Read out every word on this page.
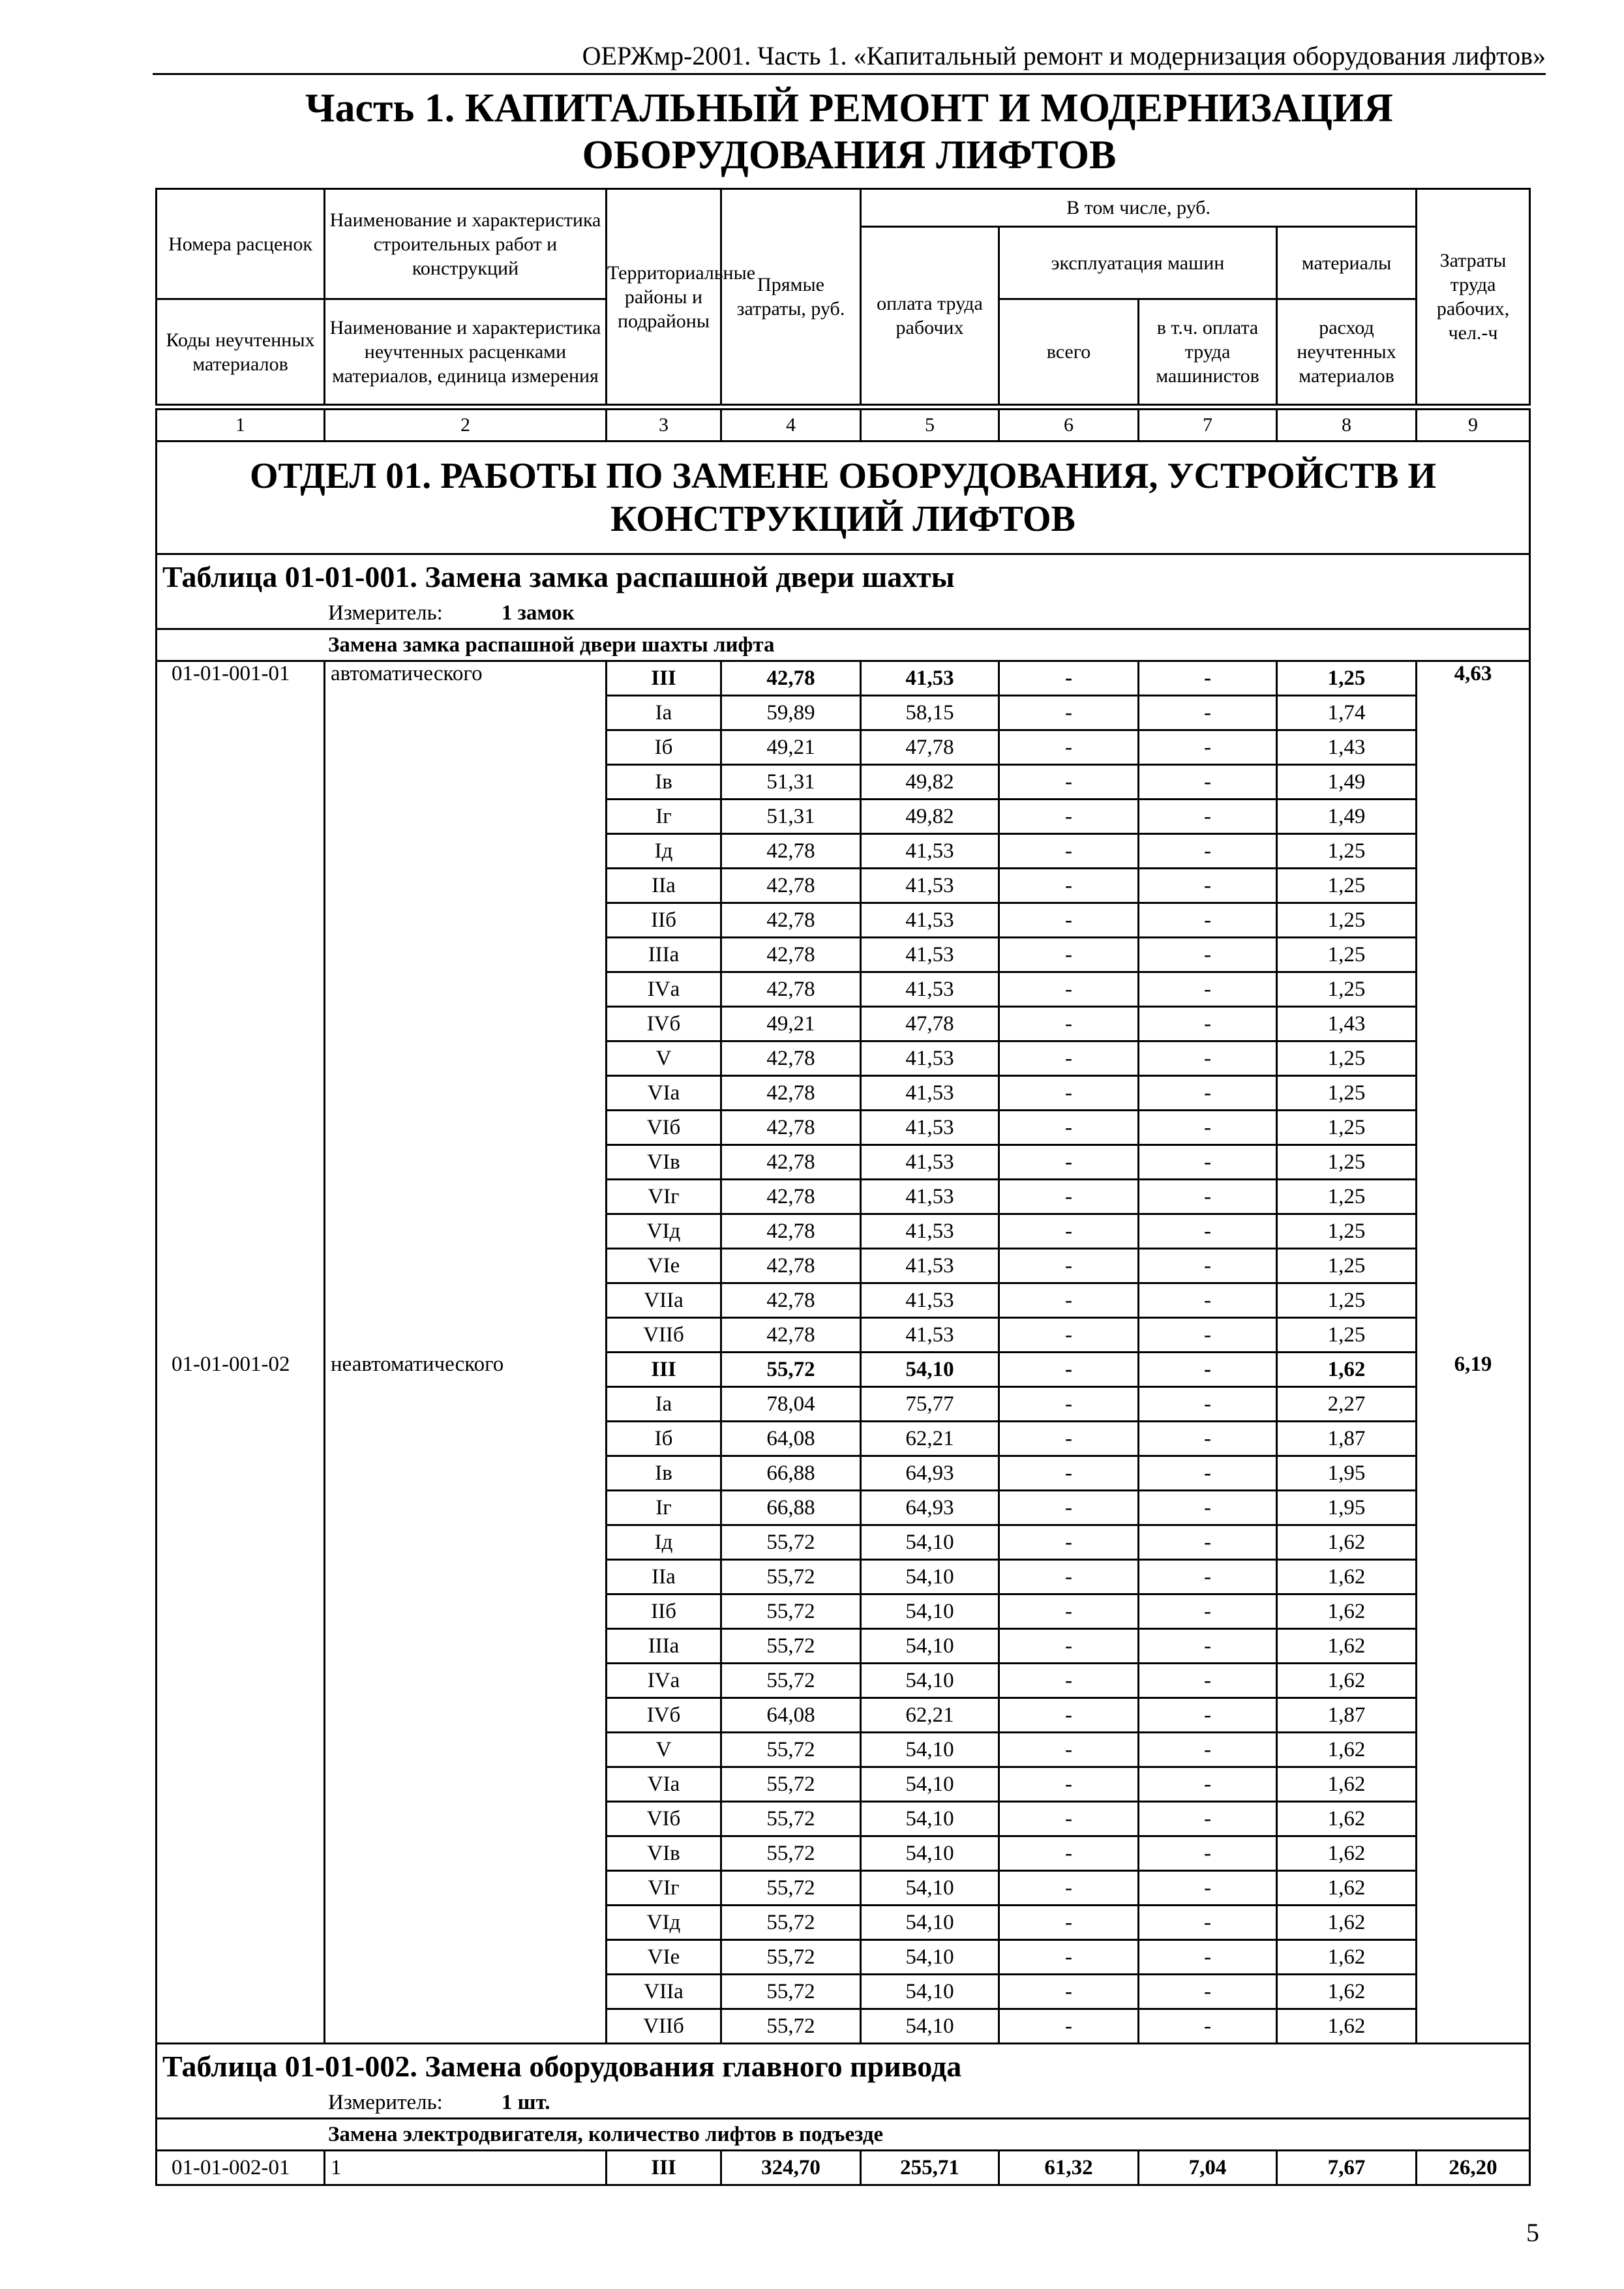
ОЕРЖмр-2001. Часть 1. «Капитальный ремонт и модернизация оборудования лифтов»
Часть 1. КАПИТАЛЬНЫЙ РЕМОНТ И МОДЕРНИЗАЦИЯ
ОБОРУДОВАНИЯ ЛИФТОВ
Номера расценок	Наименование и характеристика строительных работ и конструкций	Территориальные районы и подрайоны	Прямые затраты, руб.	В том числе, руб.				Затраты труда рабочих, чел.-ч
				оплата труда рабочих	эксплуатация машин		материалы	
Коды неучтенных материалов	Наименование и характеристика неучтенных расценками материалов, единица измерения				всего	в т.ч. оплата труда машинистов	расход неучтенных материалов	
1	2	3	4	5	6	7	8	9

ОТДЕЛ 01. РАБОТЫ ПО ЗАМЕНЕ ОБОРУДОВАНИЯ, УСТРОЙСТВ И
КОНСТРУКЦИЙ ЛИФТОВ								

Таблица 01-01-001. Замена замка распашной двери шахты								
Измеритель: 1 замок								
Замена замка распашной двери шахты лифта								
01-01-001-01	автоматического	III	42,78	41,53	-	-	1,25	4,63
		Iа	59,89	58,15	-	-	1,74	
		Iб	49,21	47,78	-	-	1,43	
		Iв	51,31	49,82	-	-	1,49	
		Iг	51,31	49,82	-	-	1,49	
		Iд	42,78	41,53	-	-	1,25	
		IIа	42,78	41,53	-	-	1,25	
		IIб	42,78	41,53	-	-	1,25	
		IIIа	42,78	41,53	-	-	1,25	
		IVа	42,78	41,53	-	-	1,25	
		IVб	49,21	47,78	-	-	1,43	
		V	42,78	41,53	-	-	1,25	
		VIа	42,78	41,53	-	-	1,25	
		VIб	42,78	41,53	-	-	1,25	
		VIв	42,78	41,53	-	-	1,25	
		VIг	42,78	41,53	-	-	1,25	
		VIд	42,78	41,53	-	-	1,25	
		VIе	42,78	41,53	-	-	1,25	
		VIIа	42,78	41,53	-	-	1,25	
		VIIб	42,78	41,53	-	-	1,25	
01-01-001-02	неавтоматического	III	55,72	54,10	-	-	1,62	6,19
		Iа	78,04	75,77	-	-	2,27	
		Iб	64,08	62,21	-	-	1,87	
		Iв	66,88	64,93	-	-	1,95	
		Iг	66,88	64,93	-	-	1,95	
		Iд	55,72	54,10	-	-	1,62	
		IIа	55,72	54,10	-	-	1,62	
		IIб	55,72	54,10	-	-	1,62	
		IIIа	55,72	54,10	-	-	1,62	
		IVа	55,72	54,10	-	-	1,62	
		IVб	64,08	62,21	-	-	1,87	
		V	55,72	54,10	-	-	1,62	
		VIа	55,72	54,10	-	-	1,62	
		VIб	55,72	54,10	-	-	1,62	
		VIв	55,72	54,10	-	-	1,62	
		VIг	55,72	54,10	-	-	1,62	
		VIд	55,72	54,10	-	-	1,62	
		VIе	55,72	54,10	-	-	1,62	
		VIIа	55,72	54,10	-	-	1,62	
		VIIб	55,72	54,10	-	-	1,62	
Таблица 01-01-002. Замена оборудования главного привода								
Измеритель: 1 шт.								
Замена электродвигателя, количество лифтов в подъезде								
01-01-002-01	1	III	324,70	255,71	61,32	7,04	7,67	26,20
5
